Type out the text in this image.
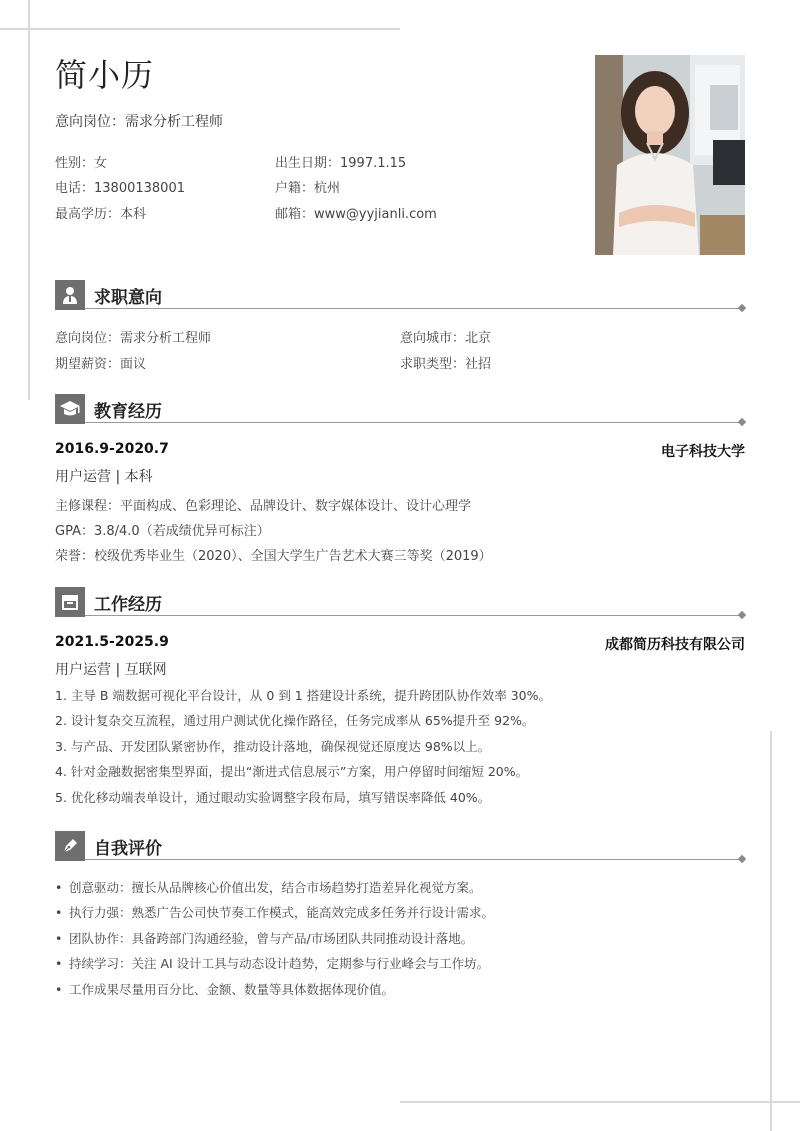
简小历
意向岗位：需求分析工程师
性别：女	出生日期：1997.1.15
电话：13800138001	户籍：杭州
最高学历：本科	邮箱：www@yyjianli.com
求职意向
意向岗位：需求分析工程师	意向城市：北京
期望薪资：面议	求职类型：社招
教育经历
2016.9-2020.7	电子科技大学
用户运营 | 本科
主修课程：平面构成、色彩理论、品牌设计、数字媒体设计、设计心理学
GPA：3.8/4.0（若成绩优异可标注）
荣誉：校级优秀毕业生（2020）、全国大学生广告艺术大赛三等奖（2019）
工作经历
2021.5-2025.9	成都简历科技有限公司
用户运营 | 互联网
1. 主导 B 端数据可视化平台设计，从 0 到 1 搭建设计系统，提升跨团队协作效率 30%。
2. 设计复杂交互流程，通过用户测试优化操作路径，任务完成率从 65%提升至 92%。
3. 与产品、开发团队紧密协作，推动设计落地，确保视觉还原度达 98%以上。
4. 针对金融数据密集型界面，提出“渐进式信息展示”方案，用户停留时间缩短 20%。
5. 优化移动端表单设计，通过眼动实验调整字段布局，填写错误率降低 40%。
自我评价
• 创意驱动：擅长从品牌核心价值出发，结合市场趋势打造差异化视觉方案。
• 执行力强：熟悉广告公司快节奏工作模式，能高效完成多任务并行设计需求。
• 团队协作：具备跨部门沟通经验，曾与产品/市场团队共同推动设计落地。
• 持续学习：关注 AI 设计工具与动态设计趋势，定期参与行业峰会与工作坊。
• 工作成果尽量用百分比、金额、数量等具体数据体现价值。
